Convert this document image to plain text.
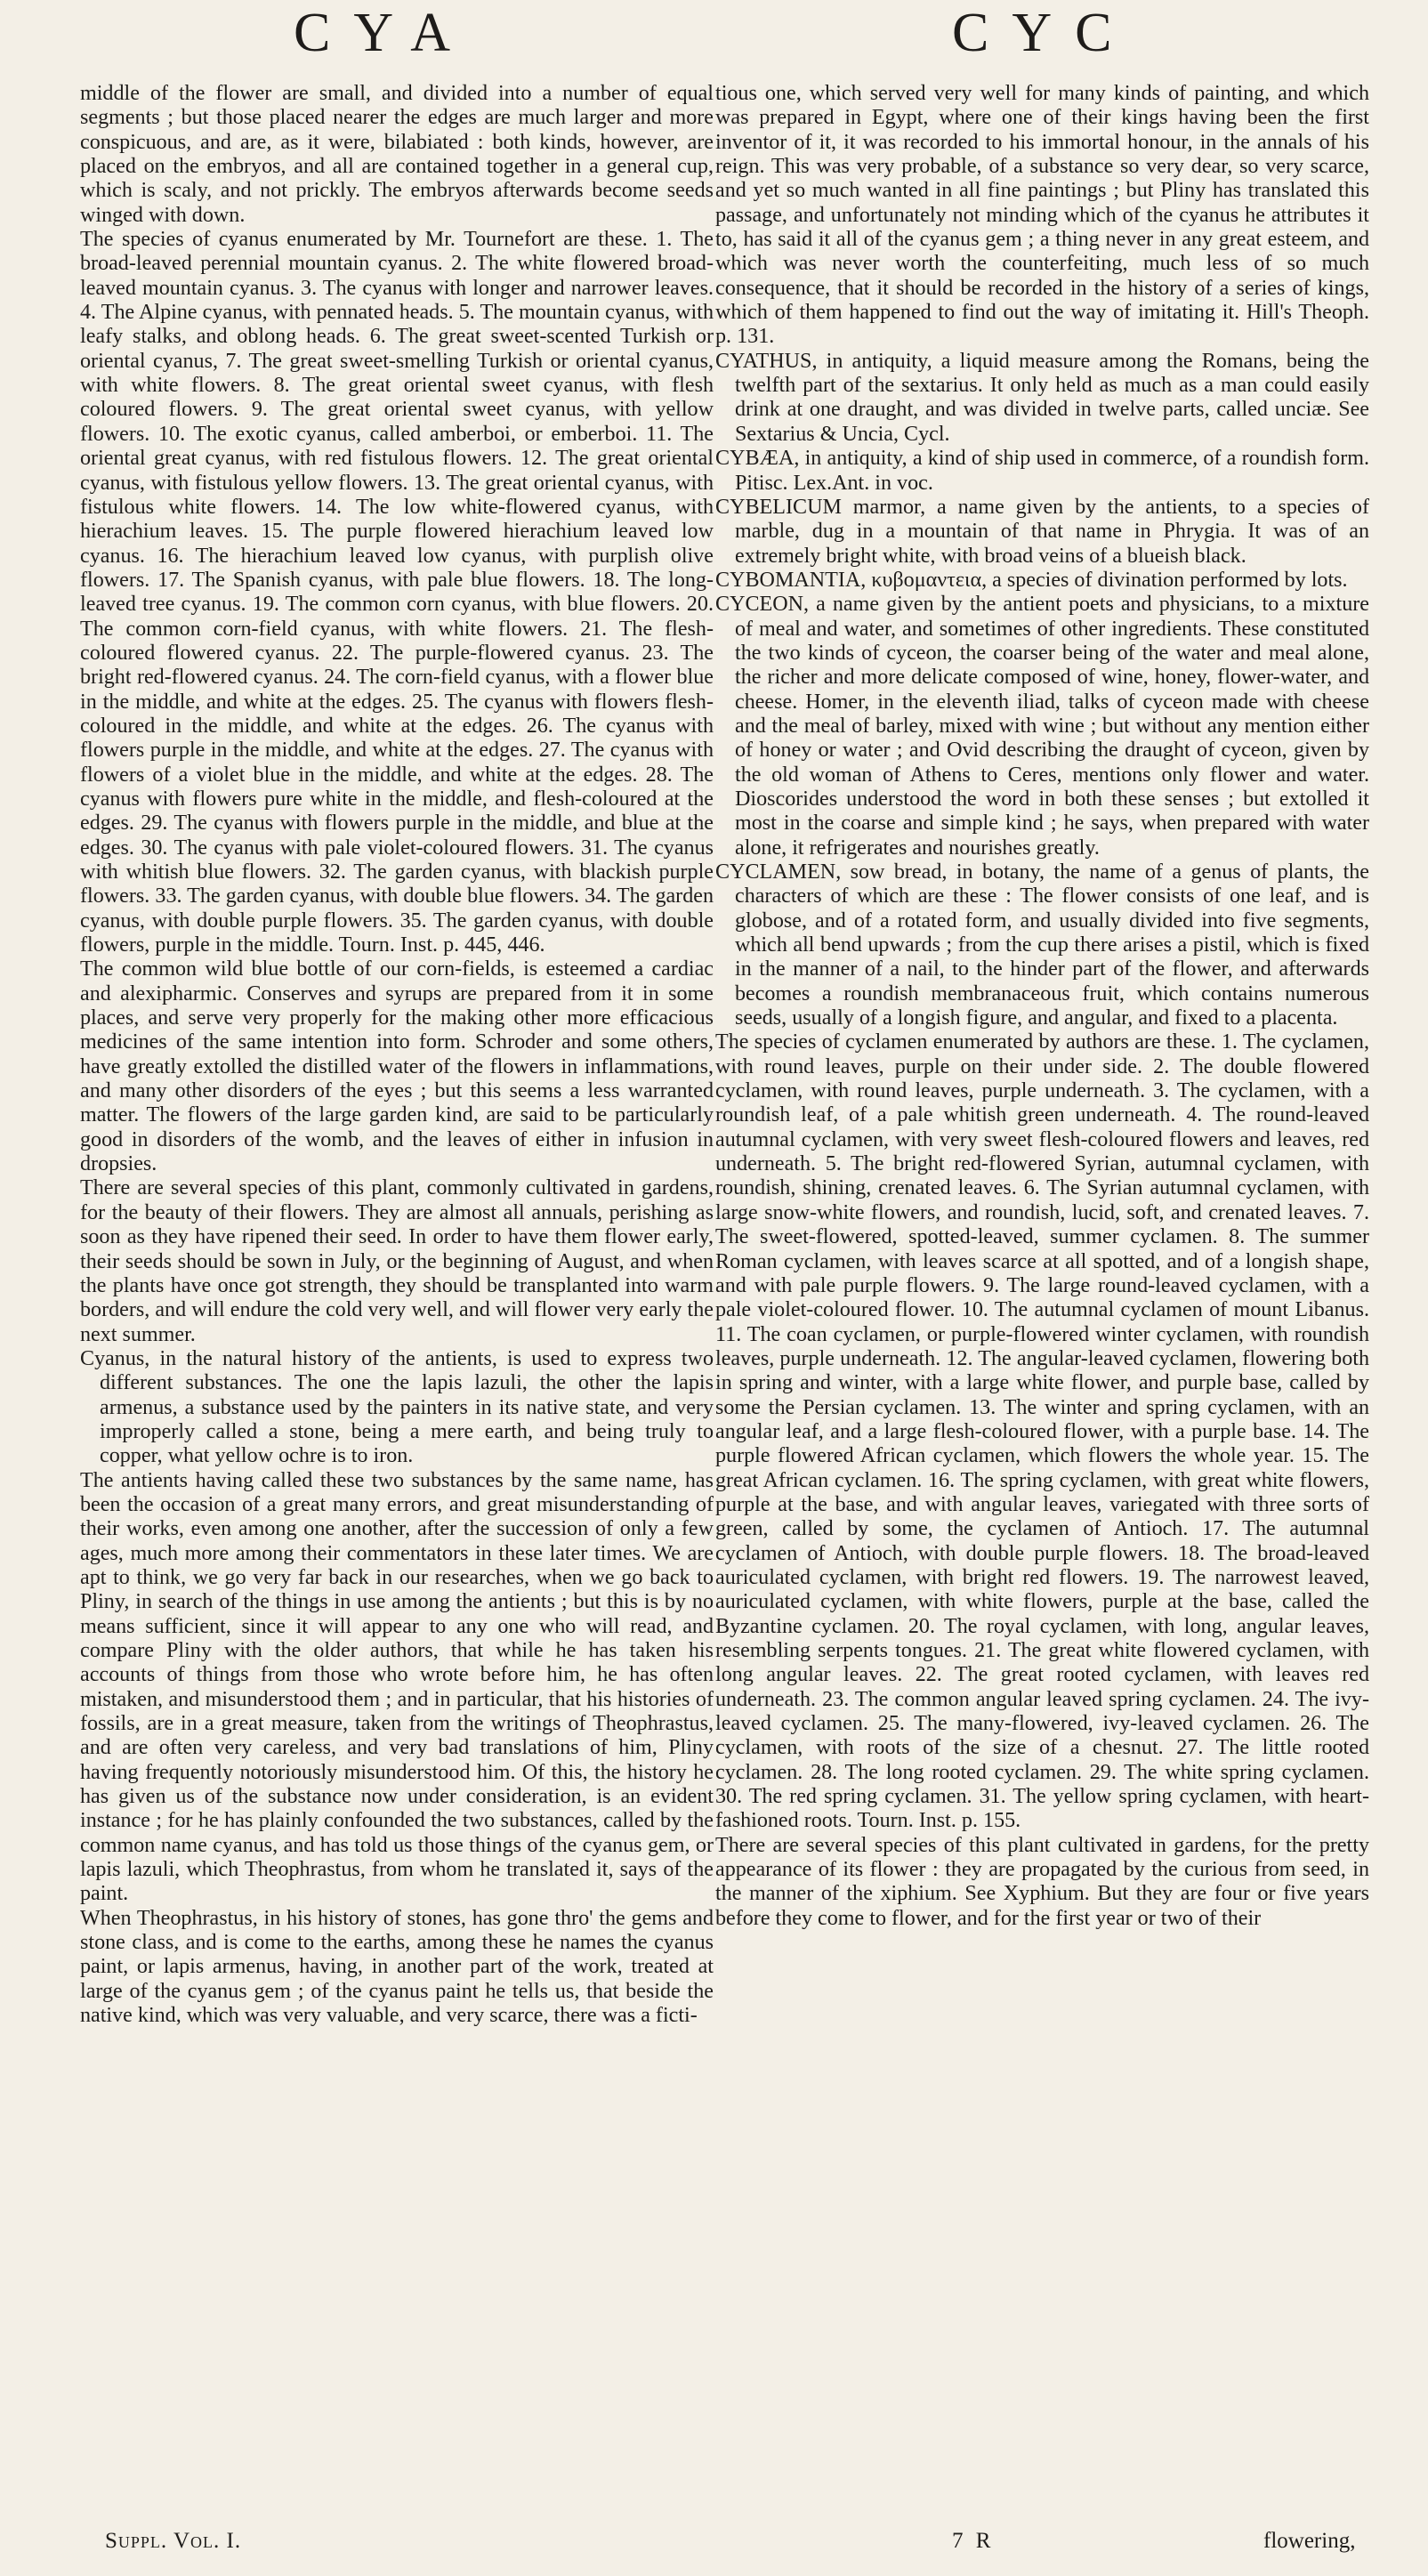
CYA	CYC

middle of the flower are small, and divided into a number of equal segments ; but those placed nearer the edges are much larger and more conspicuous, and are, as it were, bilabiated : both kinds, however, are placed on the embryos, and all are contained together in a general cup, which is scaly, and not prickly. The embryos afterwards become seeds winged with down.

The species of cyanus enumerated by Mr. Tournefort are these. 1. The broad-leaved perennial mountain cyanus. 2. The white flowered broad-leaved mountain cyanus. 3. The cyanus with longer and narrower leaves. 4. The Alpine cyanus, with pennated heads. 5. The mountain cyanus, with leafy stalks, and oblong heads. 6. The great sweet-scented Turkish or oriental cyanus, 7. The great sweet-smelling Turkish or oriental cyanus, with white flowers. 8. The great oriental sweet cyanus, with flesh coloured flowers. 9. The great oriental sweet cyanus, with yellow flowers. 10. The exotic cyanus, called amberboi, or emberboi. 11. The oriental great cyanus, with red fistulous flowers. 12. The great oriental cyanus, with fistulous yellow flowers. 13. The great oriental cyanus, with fistulous white flowers. 14. The low white-flowered cyanus, with hierachium leaves. 15. The purple flowered hierachium leaved low cyanus. 16. The hierachium leaved low cyanus, with purplish olive flowers. 17. The Spanish cyanus, with pale blue flowers. 18. The long-leaved tree cyanus. 19. The common corn cyanus, with blue flowers. 20. The common corn-field cyanus, with white flowers. 21. The flesh-coloured flowered cyanus. 22. The purple-flowered cyanus. 23. The bright red-flowered cyanus. 24. The corn-field cyanus, with a flower blue in the middle, and white at the edges. 25. The cyanus with flowers flesh-coloured in the middle, and white at the edges. 26. The cyanus with flowers purple in the middle, and white at the edges. 27. The cyanus with flowers of a violet blue in the middle, and white at the edges. 28. The cyanus with flowers pure white in the middle, and flesh-coloured at the edges. 29. The cyanus with flowers purple in the middle, and blue at the edges. 30. The cyanus with pale violet-coloured flowers. 31. The cyanus with whitish blue flowers. 32. The garden cyanus, with blackish purple flowers. 33. The garden cyanus, with double blue flowers. 34. The garden cyanus, with double purple flowers. 35. The garden cyanus, with double flowers, purple in the middle. Tourn. Inst. p. 445, 446.

The common wild blue bottle of our corn-fields, is esteemed a cardiac and alexipharmic. Conserves and syrups are prepared from it in some places, and serve very properly for the making other more efficacious medicines of the same intention into form. Schroder and some others, have greatly extolled the distilled water of the flowers in inflammations, and many other disorders of the eyes ; but this seems a less warranted matter. The flowers of the large garden kind, are said to be particularly good in disorders of the womb, and the leaves of either in infusion in dropsies.

There are several species of this plant, commonly cultivated in gardens, for the beauty of their flowers. They are almost all annuals, perishing as soon as they have ripened their seed. In order to have them flower early, their seeds should be sown in July, or the beginning of August, and when the plants have once got strength, they should be transplanted into warm borders, and will endure the cold very well, and will flower very early the next summer.

Cyanus, in the natural history of the antients, is used to express two different substances. The one the lapis lazuli, the other the lapis armenus, a substance used by the painters in its native state, and very improperly called a stone, being a mere earth, and being truly to copper, what yellow ochre is to iron.

The antients having called these two substances by the same name, has been the occasion of a great many errors, and great misunderstanding of their works, even among one another, after the succession of only a few ages, much more among their commentators in these later times. We are apt to think, we go very far back in our researches, when we go back to Pliny, in search of the things in use among the antients ; but this is by no means sufficient, since it will appear to any one who will read, and compare Pliny with the older authors, that while he has taken his accounts of things from those who wrote before him, he has often mistaken, and misunderstood them ; and in particular, that his histories of fossils, are in a great measure, taken from the writings of Theophrastus, and are often very careless, and very bad translations of him, Pliny having frequently notoriously misunderstood him. Of this, the history he has given us of the substance now under consideration, is an evident instance ; for he has plainly confounded the two substances, called by the common name cyanus, and has told us those things of the cyanus gem, or lapis lazuli, which Theophrastus, from whom he translated it, says of the paint.

When Theophrastus, in his history of stones, has gone thro' the gems and stone class, and is come to the earths, among these he names the cyanus paint, or lapis armenus, having, in another part of the work, treated at large of the cyanus gem ; of the cyanus paint he tells us, that beside the native kind, which was very valuable, and very scarce, there was a ficti-

tious one, which served very well for many kinds of painting, and which was prepared in Egypt, where one of their kings having been the first inventor of it, it was recorded to his immortal honour, in the annals of his reign. This was very probable, of a substance so very dear, so very scarce, and yet so much wanted in all fine paintings ; but Pliny has translated this passage, and unfortunately not minding which of the cyanus he attributes it to, has said it all of the cyanus gem ; a thing never in any great esteem, and which was never worth the counterfeiting, much less of so much consequence, that it should be recorded in the history of a series of kings, which of them happened to find out the way of imitating it. Hill's Theoph. p. 131.

CYATHUS, in antiquity, a liquid measure among the Romans, being the twelfth part of the sextarius. It only held as much as a man could easily drink at one draught, and was divided in twelve parts, called unciæ. See Sextarius & Uncia, Cycl.

CYBÆA, in antiquity, a kind of ship used in commerce, of a roundish form. Pitisc. Lex.Ant. in voc.

CYBELICUM marmor, a name given by the antients, to a species of marble, dug in a mountain of that name in Phrygia. It was of an extremely bright white, with broad veins of a blueish black.

CYBOMANTIA, κυβομαντεια, a species of divination performed by lots.

CYCEON, a name given by the antient poets and physicians, to a mixture of meal and water, and sometimes of other ingredients. These constituted the two kinds of cyceon, the coarser being of the water and meal alone, the richer and more delicate composed of wine, honey, flower-water, and cheese. Homer, in the eleventh iliad, talks of cyceon made with cheese and the meal of barley, mixed with wine ; but without any mention either of honey or water ; and Ovid describing the draught of cyceon, given by the old woman of Athens to Ceres, mentions only flower and water. Dioscorides understood the word in both these senses ; but extolled it most in the coarse and simple kind ; he says, when prepared with water alone, it refrigerates and nourishes greatly.

CYCLAMEN, sow bread, in botany, the name of a genus of plants, the characters of which are these : The flower consists of one leaf, and is globose, and of a rotated form, and usually divided into five segments, which all bend upwards ; from the cup there arises a pistil, which is fixed in the manner of a nail, to the hinder part of the flower, and afterwards becomes a roundish membranaceous fruit, which contains numerous seeds, usually of a longish figure, and angular, and fixed to a placenta.

The species of cyclamen enumerated by authors are these. 1. The cyclamen, with round leaves, purple on their under side. 2. The double flowered cyclamen, with round leaves, purple underneath. 3. The cyclamen, with a roundish leaf, of a pale whitish green underneath. 4. The round-leaved autumnal cyclamen, with very sweet flesh-coloured flowers and leaves, red underneath. 5. The bright red-flowered Syrian, autumnal cyclamen, with roundish, shining, crenated leaves. 6. The Syrian autumnal cyclamen, with large snow-white flowers, and roundish, lucid, soft, and crenated leaves. 7. The sweet-flowered, spotted-leaved, summer cyclamen. 8. The summer Roman cyclamen, with leaves scarce at all spotted, and of a longish shape, and with pale purple flowers. 9. The large round-leaved cyclamen, with a pale violet-coloured flower. 10. The autumnal cyclamen of mount Libanus. 11. The coan cyclamen, or purple-flowered winter cyclamen, with roundish leaves, purple underneath. 12. The angular-leaved cyclamen, flowering both in spring and winter, with a large white flower, and purple base, called by some the Persian cyclamen. 13. The winter and spring cyclamen, with an angular leaf, and a large flesh-coloured flower, with a purple base. 14. The purple flowered African cyclamen, which flowers the whole year. 15. The great African cyclamen. 16. The spring cyclamen, with great white flowers, purple at the base, and with angular leaves, variegated with three sorts of green, called by some, the cyclamen of Antioch. 17. The autumnal cyclamen of Antioch, with double purple flowers. 18. The broad-leaved auriculated cyclamen, with bright red flowers. 19. The narrowest leaved, auriculated cyclamen, with white flowers, purple at the base, called the Byzantine cyclamen. 20. The royal cyclamen, with long, angular leaves, resembling serpents tongues. 21. The great white flowered cyclamen, with long angular leaves. 22. The great rooted cyclamen, with leaves red underneath. 23. The common angular leaved spring cyclamen. 24. The ivy-leaved cyclamen. 25. The many-flowered, ivy-leaved cyclamen. 26. The cyclamen, with roots of the size of a chesnut. 27. The little rooted cyclamen. 28. The long rooted cyclamen. 29. The white spring cyclamen. 30. The red spring cyclamen. 31. The yellow spring cyclamen, with heart-fashioned roots. Tourn. Inst. p. 155.

There are several species of this plant cultivated in gardens, for the pretty appearance of its flower : they are propagated by the curious from seed, in the manner of the xiphium. See Xyphium. But they are four or five years before they come to flower, and for the first year or two of their

Suppl. Vol. I.	7 R	flowering,
